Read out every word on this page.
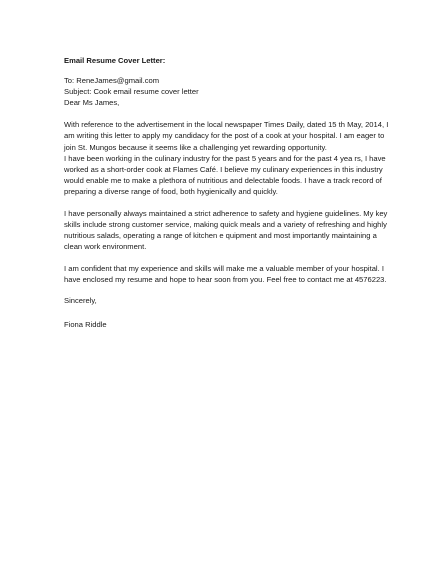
Email Resume Cover Letter:
To: ReneJames@gmail.com
Subject: Cook email resume cover letter
Dear Ms James,
With reference to the advertisement in the local newspaper Times Daily, dated 15 th May, 2014, I
am writing this letter to apply my candidacy for the post of a cook at your hospital. I am eager to
join St. Mungos because it seems like a challenging yet rewarding opportunity.
I have been working in the culinary industry for the past 5 years and for the past 4 yea rs, I have
worked as a short-order cook at Flames Café. I believe my culinary experiences in this industry
would enable me to make a plethora of nutritious and delectable foods. I have a track record of
preparing a diverse range of food, both hygienically and quickly.
I have personally always maintained a strict adherence to safety and hygiene guidelines. My key
skills include strong customer service, making quick meals and a variety of refreshing and highly
nutritious salads, operating a range of kitchen e quipment and most importantly maintaining a
clean work environment.
I am confident that my experience and skills will make me a valuable member of your hospital. I
have enclosed my resume and hope to hear soon from you. Feel free to contact me at 4576223.
Sincerely,
Fiona Riddle
